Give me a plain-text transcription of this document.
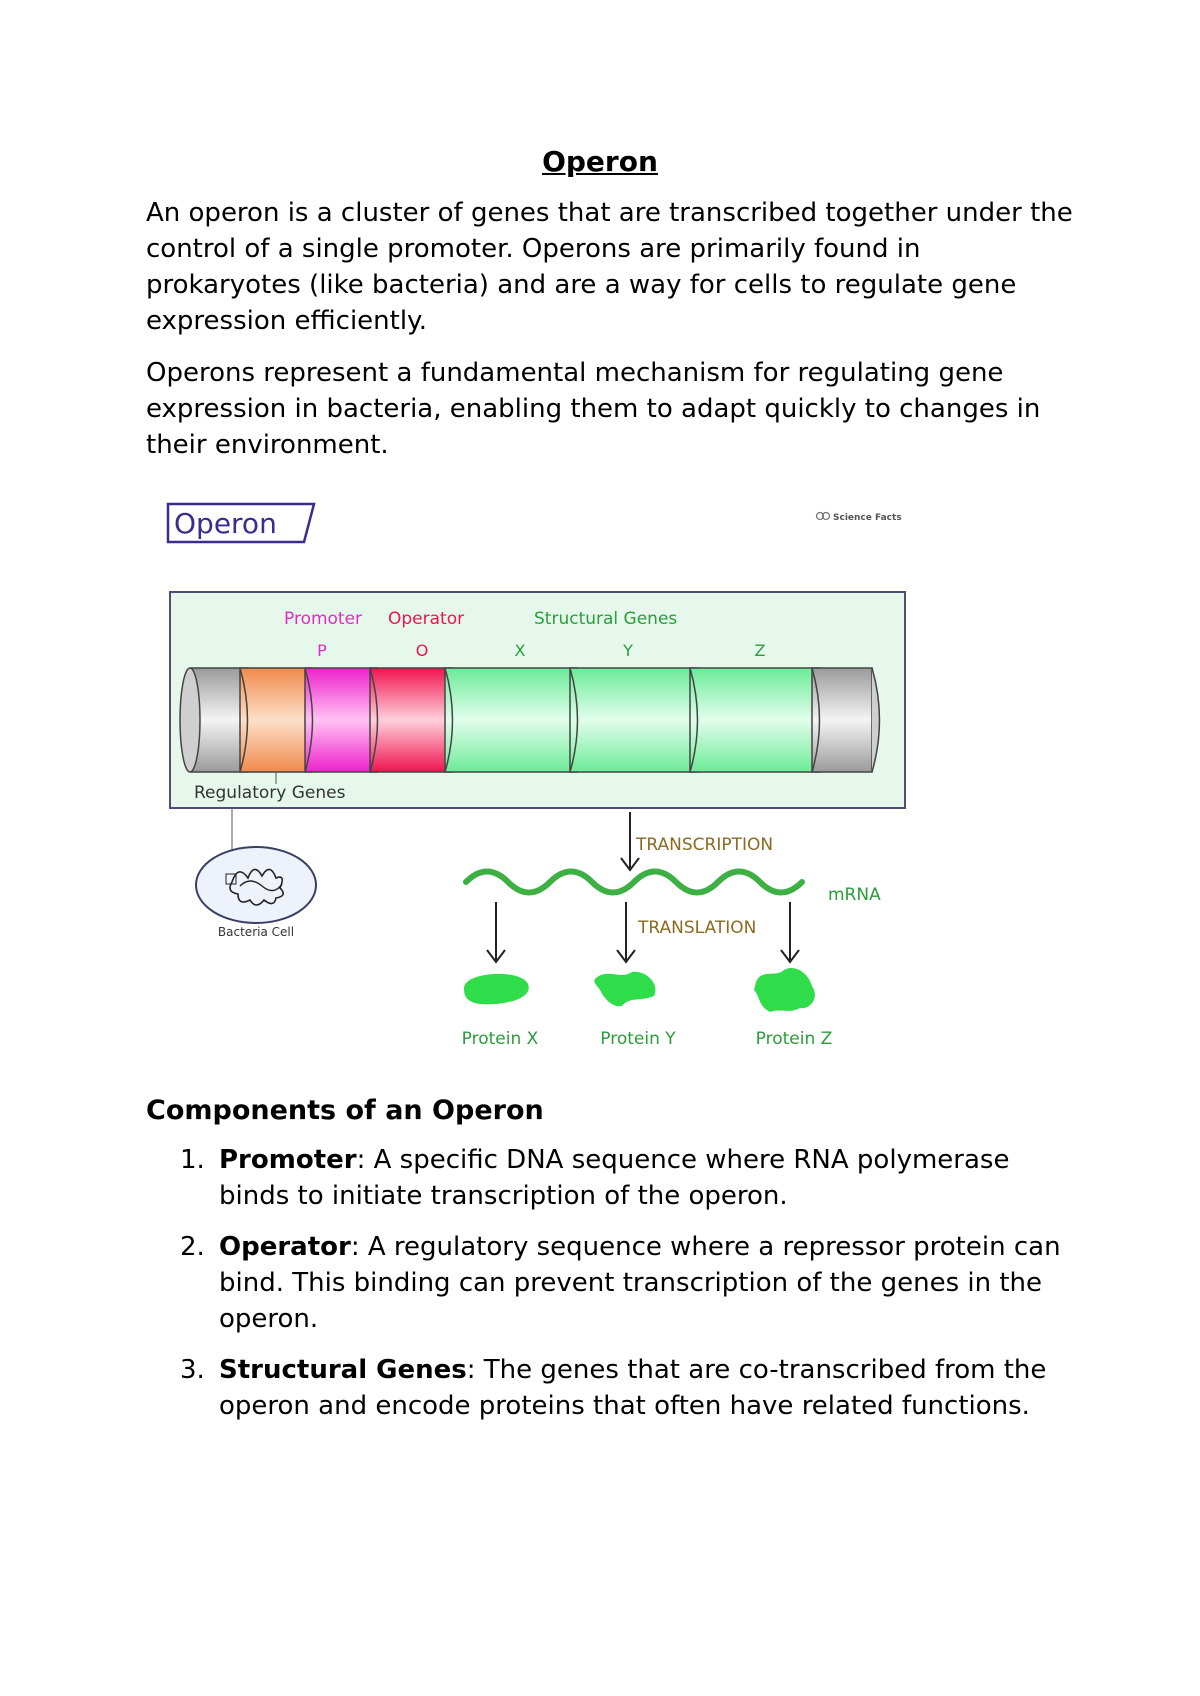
Operon

An operon is a cluster of genes that are transcribed together under the control of a single promoter. Operons are primarily found in prokaryotes (like bacteria) and are a way for cells to regulate gene expression efficiently.

Operons represent a fundamental mechanism for regulating gene expression in bacteria, enabling them to adapt quickly to changes in their environment.

Operon	Science Facts
Promoter Operator	Structural Genes
P	O	X	Y	Z
Regulatory Genes
Bacteria Cell
TRANSCRIPTION
mRNA
TRANSLATION
Protein X	Protein Y	Protein Z
Components of an Operon
1. Promoter: A specific DNA sequence where RNA polymerase binds to initiate transcription of the operon.
2. Operator: A regulatory sequence where a repressor protein can bind. This binding can prevent transcription of the genes in the operon.
3. Structural Genes: The genes that are co-transcribed from the operon and encode proteins that often have related functions.
